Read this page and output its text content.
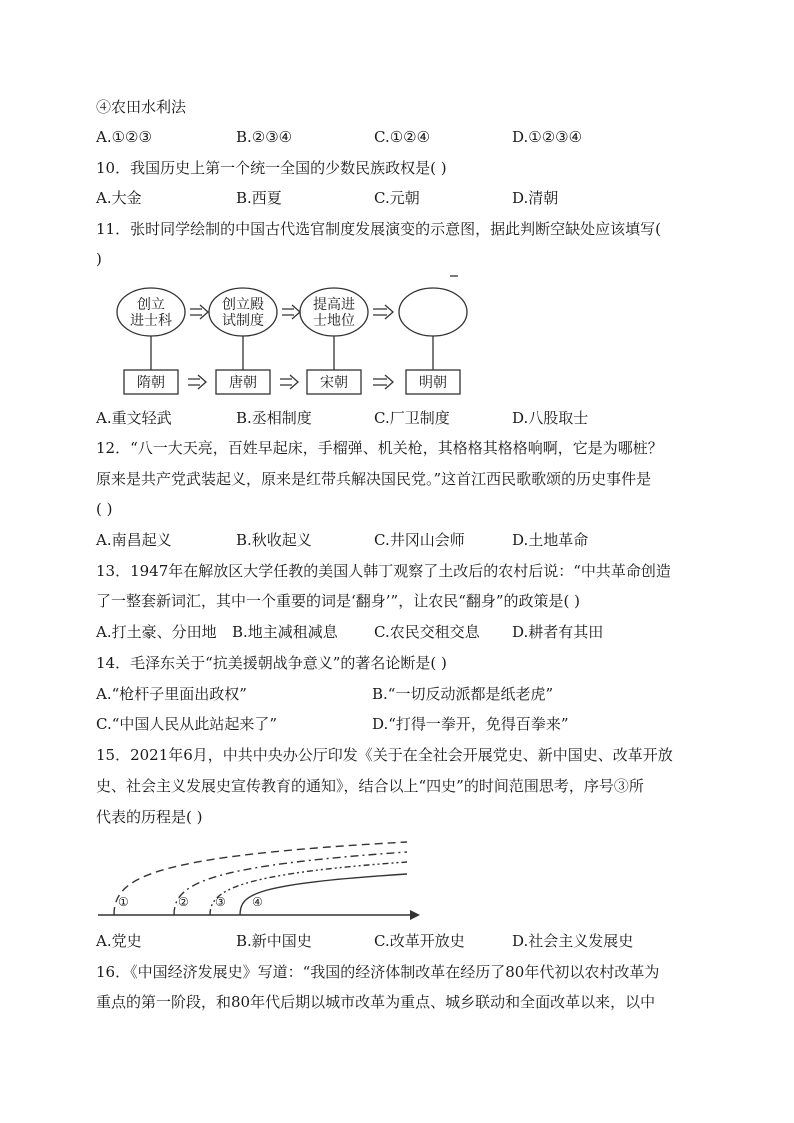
④农田水利法
A.①②③	B.②③④	C.①②④	D.①②③④
10．我国历史上第一个统一全国的少数民族政权是( )
A.大金	B.西夏	C.元朝	D.清朝
11．张时同学绘制的中国古代选官制度发展演变的示意图，据此判断空缺处应该填写(
)
创立
进士科
创立殿
试制度
提高进
士地位
隋朝	唐朝	宋朝	明朝
A.重文轻武	B.丞相制度	C.厂卫制度	D.八股取士
12．“八一大天亮，百姓早起床，手榴弹、机关枪，其格格其格格响啊，它是为哪桩？
原来是共产党武装起义，原来是红带兵解决国民党。”这首江西民歌歌颂的历史事件是
( )
A.南昌起义	B.秋收起义	C.井冈山会师	D.土地革命
13．1947年在解放区大学任教的美国人韩丁观察了土改后的农村后说：“中共革命创造
了一整套新词汇，其中一个重要的词是‘翻身’”，让农民“翻身”的政策是( )
A.打土豪、分田地 B.地主减租减息 C.农民交租交息 D.耕者有其田
14．毛泽东关于“抗美援朝战争意义”的著名论断是( )
A.“枪杆子里面出政权”	B.“一切反动派都是纸老虎”
C.“中国人民从此站起来了”	D.“打得一拳开，免得百拳来”
15．2021年6月，中共中央办公厅印发《关于在全社会开展党史、新中国史、改革开放
史、社会主义发展史宣传教育的通知》，结合以上“四史”的时间范围思考，序号③所
代表的历程是( )
①	② ③ ④
A.党史	B.新中国史	C.改革开放史	D.社会主义发展史
16．《中国经济发展史》写道：“我国的经济体制改革在经历了80年代初以农村改革为
重点的第一阶段，和80年代后期以城市改革为重点、城乡联动和全面改革以来，以中
